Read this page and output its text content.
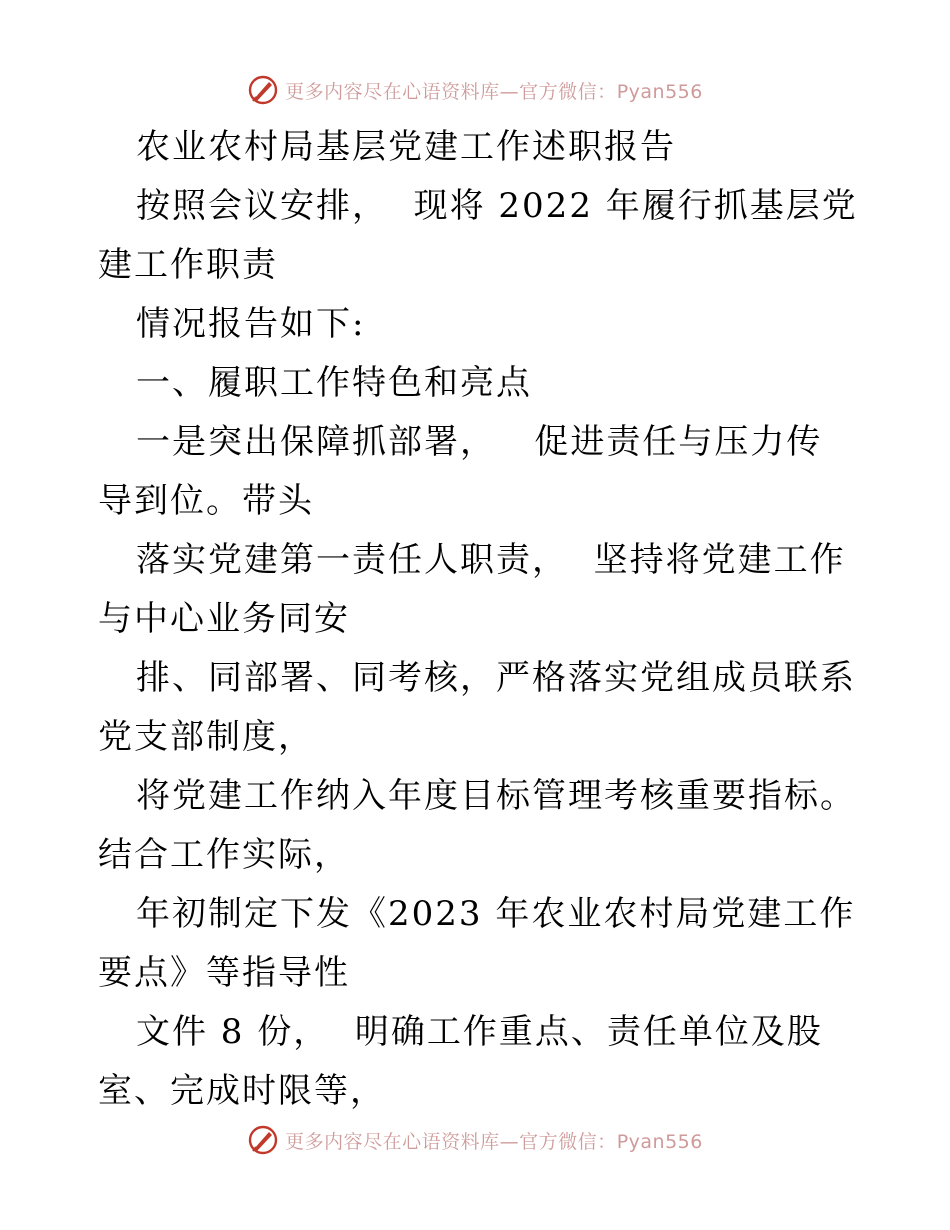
更多内容尽在心语资料库—官方微信：Pyan556

农业农村局基层党建工作述职报告

按照会议安排，  现将 2022 年履行抓基层党建工作职责

情况报告如下:

一、履职工作特色和亮点

一是突出保障抓部署，   促进责任与压力传导到位。带头

落实党建第一责任人职责，  坚持将党建工作与中心业务同安

排、同部署、同考核，严格落实党组成员联系党支部制度，

将党建工作纳入年度目标管理考核重要指标。结合工作实际，

年初制定下发《2023 年农业农村局党建工作要点》等指导性

文件 8 份，  明确工作重点、责任单位及股室、完成时限等，

更多内容尽在心语资料库—官方微信：Pyan556
